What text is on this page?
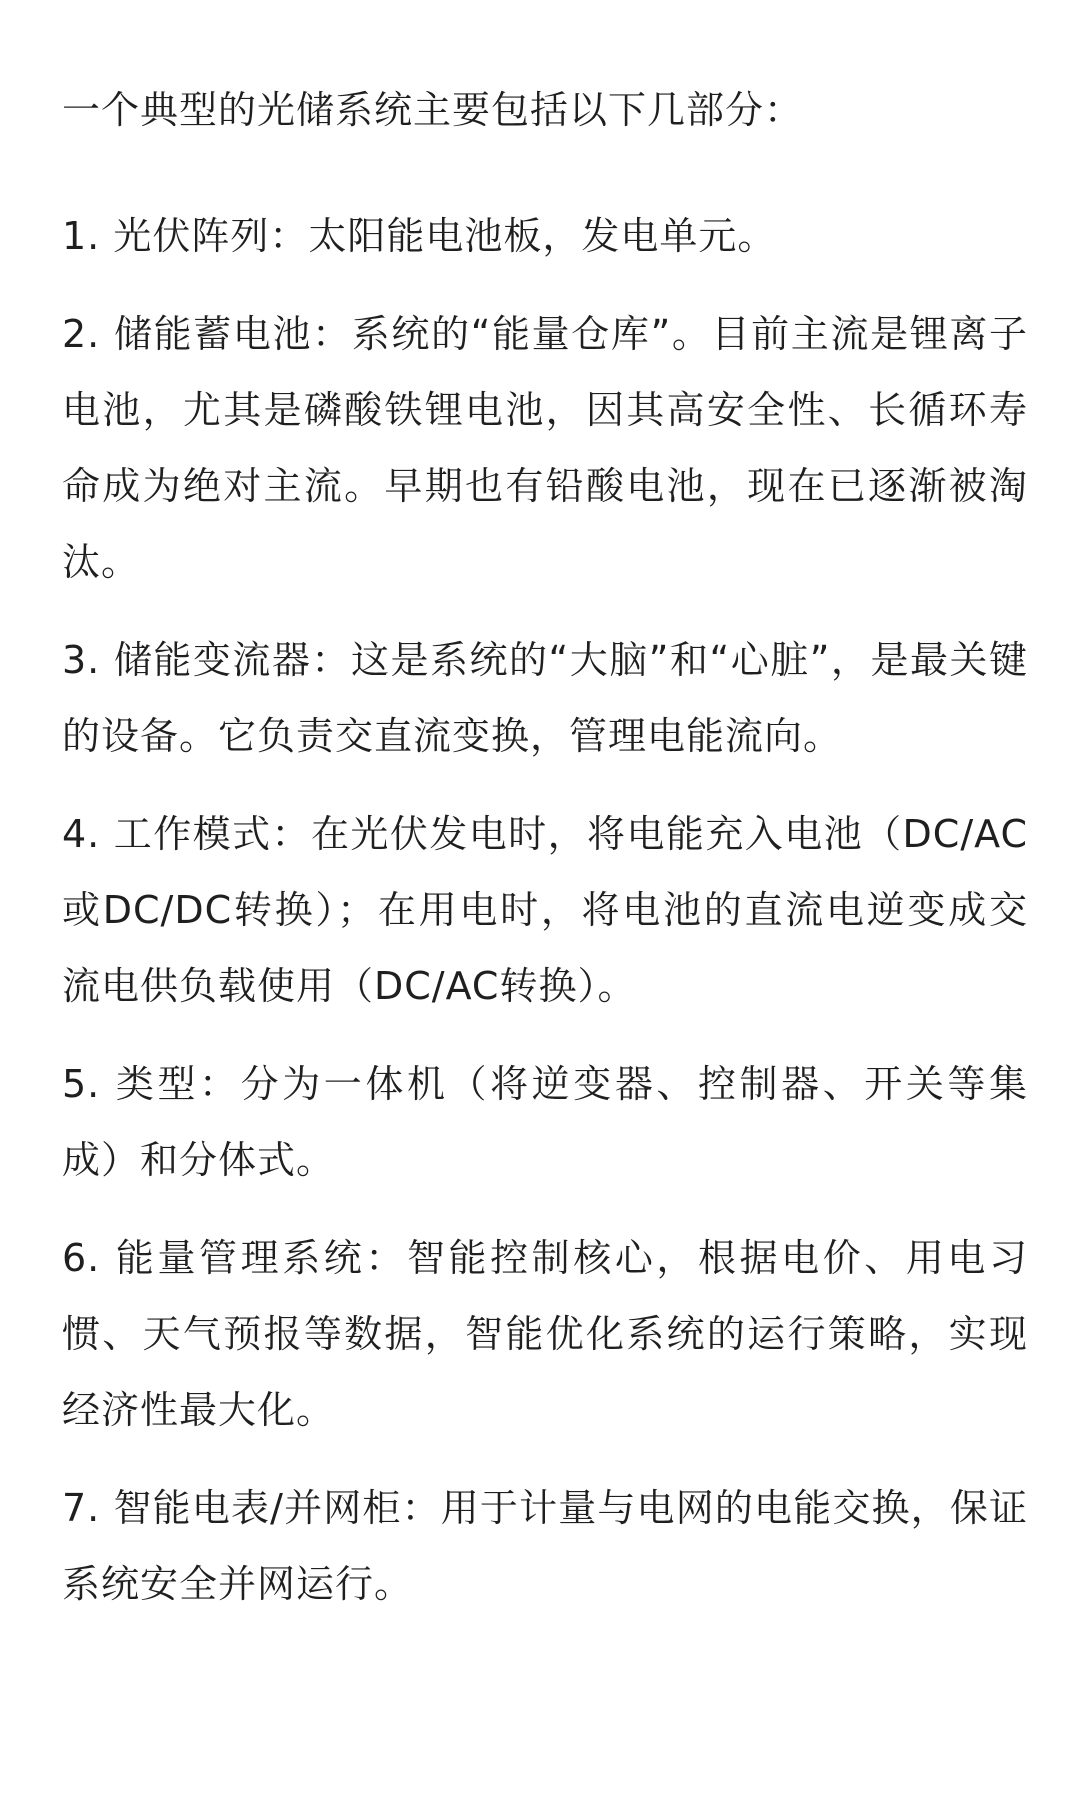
一个典型的光储系统主要包括以下几部分：

1. 光伏阵列：太阳能电池板，发电单元。

2. 储能蓄电池：系统的“能量仓库”。目前主流是锂离子电池，尤其是磷酸铁锂电池，因其高安全性、长循环寿命成为绝对主流。早期也有铅酸电池，现在已逐渐被淘汰。

3. 储能变流器：这是系统的“大脑”和“心脏”，是最关键的设备。它负责交直流变换，管理电能流向。

4. 工作模式：在光伏发电时，将电能充入电池（DC/AC或DC/DC转换）；在用电时，将电池的直流电逆变成交流电供负载使用（DC/AC转换）。

5. 类型：分为一体机（将逆变器、控制器、开关等集成）和分体式。

6. 能量管理系统：智能控制核心，根据电价、用电习惯、天气预报等数据，智能优化系统的运行策略，实现经济性最大化。

7. 智能电表/并网柜：用于计量与电网的电能交换，保证系统安全并网运行。
